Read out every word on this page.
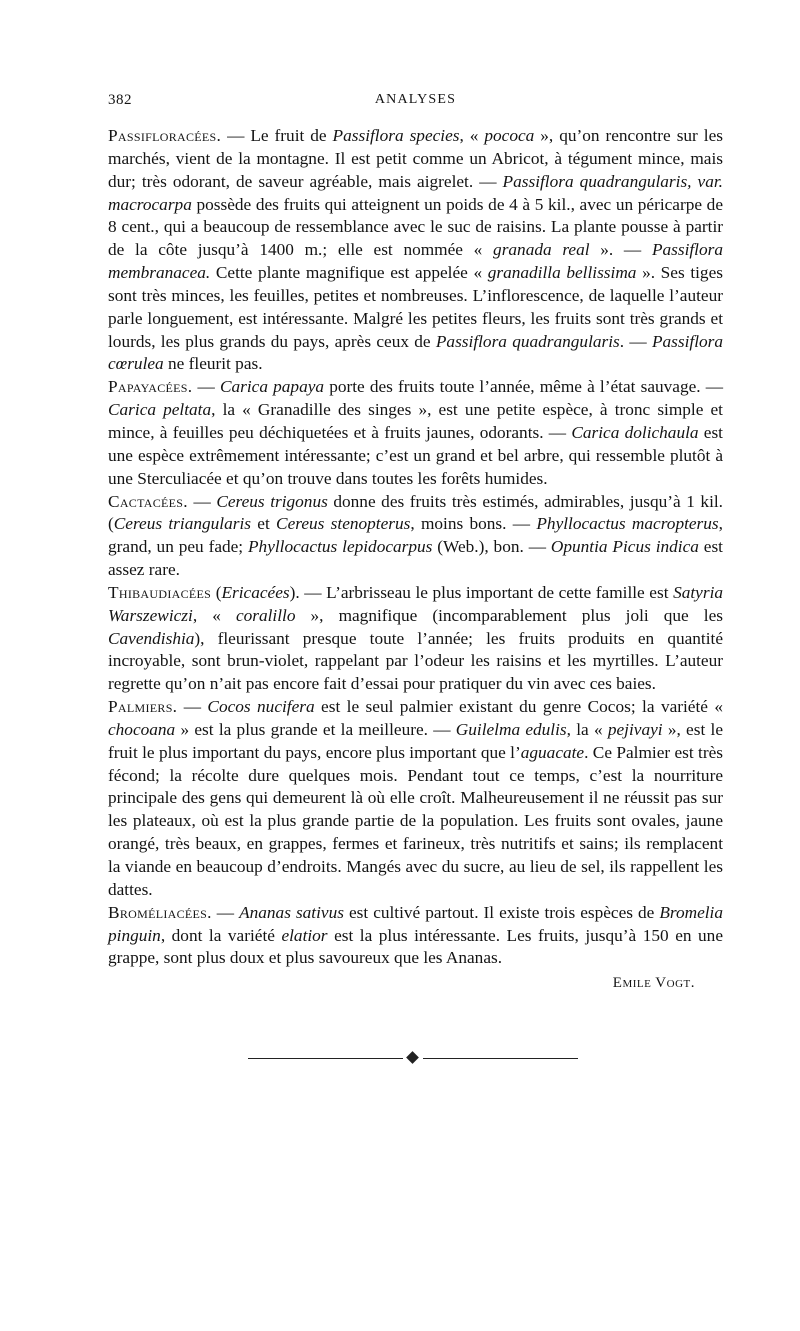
382	ANALYSES

Passifloracées. — Le fruit de Passiflora species, « pococa », qu’on rencontre sur les marchés, vient de la montagne. Il est petit comme un Abricot, à tégument mince, mais dur; très odorant, de saveur agréable, mais aigrelet. — Passiflora quadrangularis, var. macrocarpa possède des fruits qui atteignent un poids de 4 à 5 kil., avec un péricarpe de 8 cent., qui a beaucoup de ressemblance avec le suc de raisins. La plante pousse à partir de la côte jusqu’à 1400 m.; elle est nommée « granada real ». — Passiflora membranacea. Cette plante magnifique est appelée « granadilla bellissima ». Ses tiges sont très minces, les feuilles, petites et nombreuses. L’inflorescence, de laquelle l’auteur parle longuement, est intéressante. Malgré les petites fleurs, les fruits sont très grands et lourds, les plus grands du pays, après ceux de Passiflora quadrangularis. — Passiflora cœrulea ne fleurit pas.

Papayacées. — Carica papaya porte des fruits toute l’année, même à l’état sauvage. — Carica peltata, la « Granadille des singes », est une petite espèce, à tronc simple et mince, à feuilles peu déchiquetées et à fruits jaunes, odorants. — Carica dolichaula est une espèce extrêmement intéressante; c’est un grand et bel arbre, qui ressemble plutôt à une Sterculiacée et qu’on trouve dans toutes les forêts humides.

Cactacées. — Cereus trigonus donne des fruits très estimés, admirables, jusqu’à 1 kil. (Cereus triangularis et Cereus stenopterus, moins bons. — Phyllocactus macropterus, grand, un peu fade; Phyllocactus lepidocarpus (Web.), bon. — Opuntia Picus indica est assez rare.

Thibaudiacées (Ericacées). — L’arbrisseau le plus important de cette famille est Satyria Warszewiczi, « coralillo », magnifique (incomparablement plus joli que les Cavendishia), fleurissant presque toute l’année; les fruits produits en quantité incroyable, sont brun-violet, rappelant par l’odeur les raisins et les myrtilles. L’auteur regrette qu’on n’ait pas encore fait d’essai pour pratiquer du vin avec ces baies.

Palmiers. — Cocos nucifera est le seul palmier existant du genre Cocos; la variété « chocoana » est la plus grande et la meilleure. — Guilelma edulis, la « pejivayi », est le fruit le plus important du pays, encore plus important que l’aguacate. Ce Palmier est très fécond; la récolte dure quelques mois. Pendant tout ce temps, c’est la nourriture principale des gens qui demeurent là où elle croît. Malheureusement il ne réussit pas sur les plateaux, où est la plus grande partie de la population. Les fruits sont ovales, jaune orangé, très beaux, en grappes, fermes et farineux, très nutritifs et sains; ils remplacent la viande en beaucoup d’endroits. Mangés avec du sucre, au lieu de sel, ils rappellent les dattes.

Broméliacées. — Ananas sativus est cultivé partout. Il existe trois espèces de Bromelia pinguin, dont la variété elatior est la plus intéressante. Les fruits, jusqu’à 150 en une grappe, sont plus doux et plus savoureux que les Ananas.

Emile Vogt.
